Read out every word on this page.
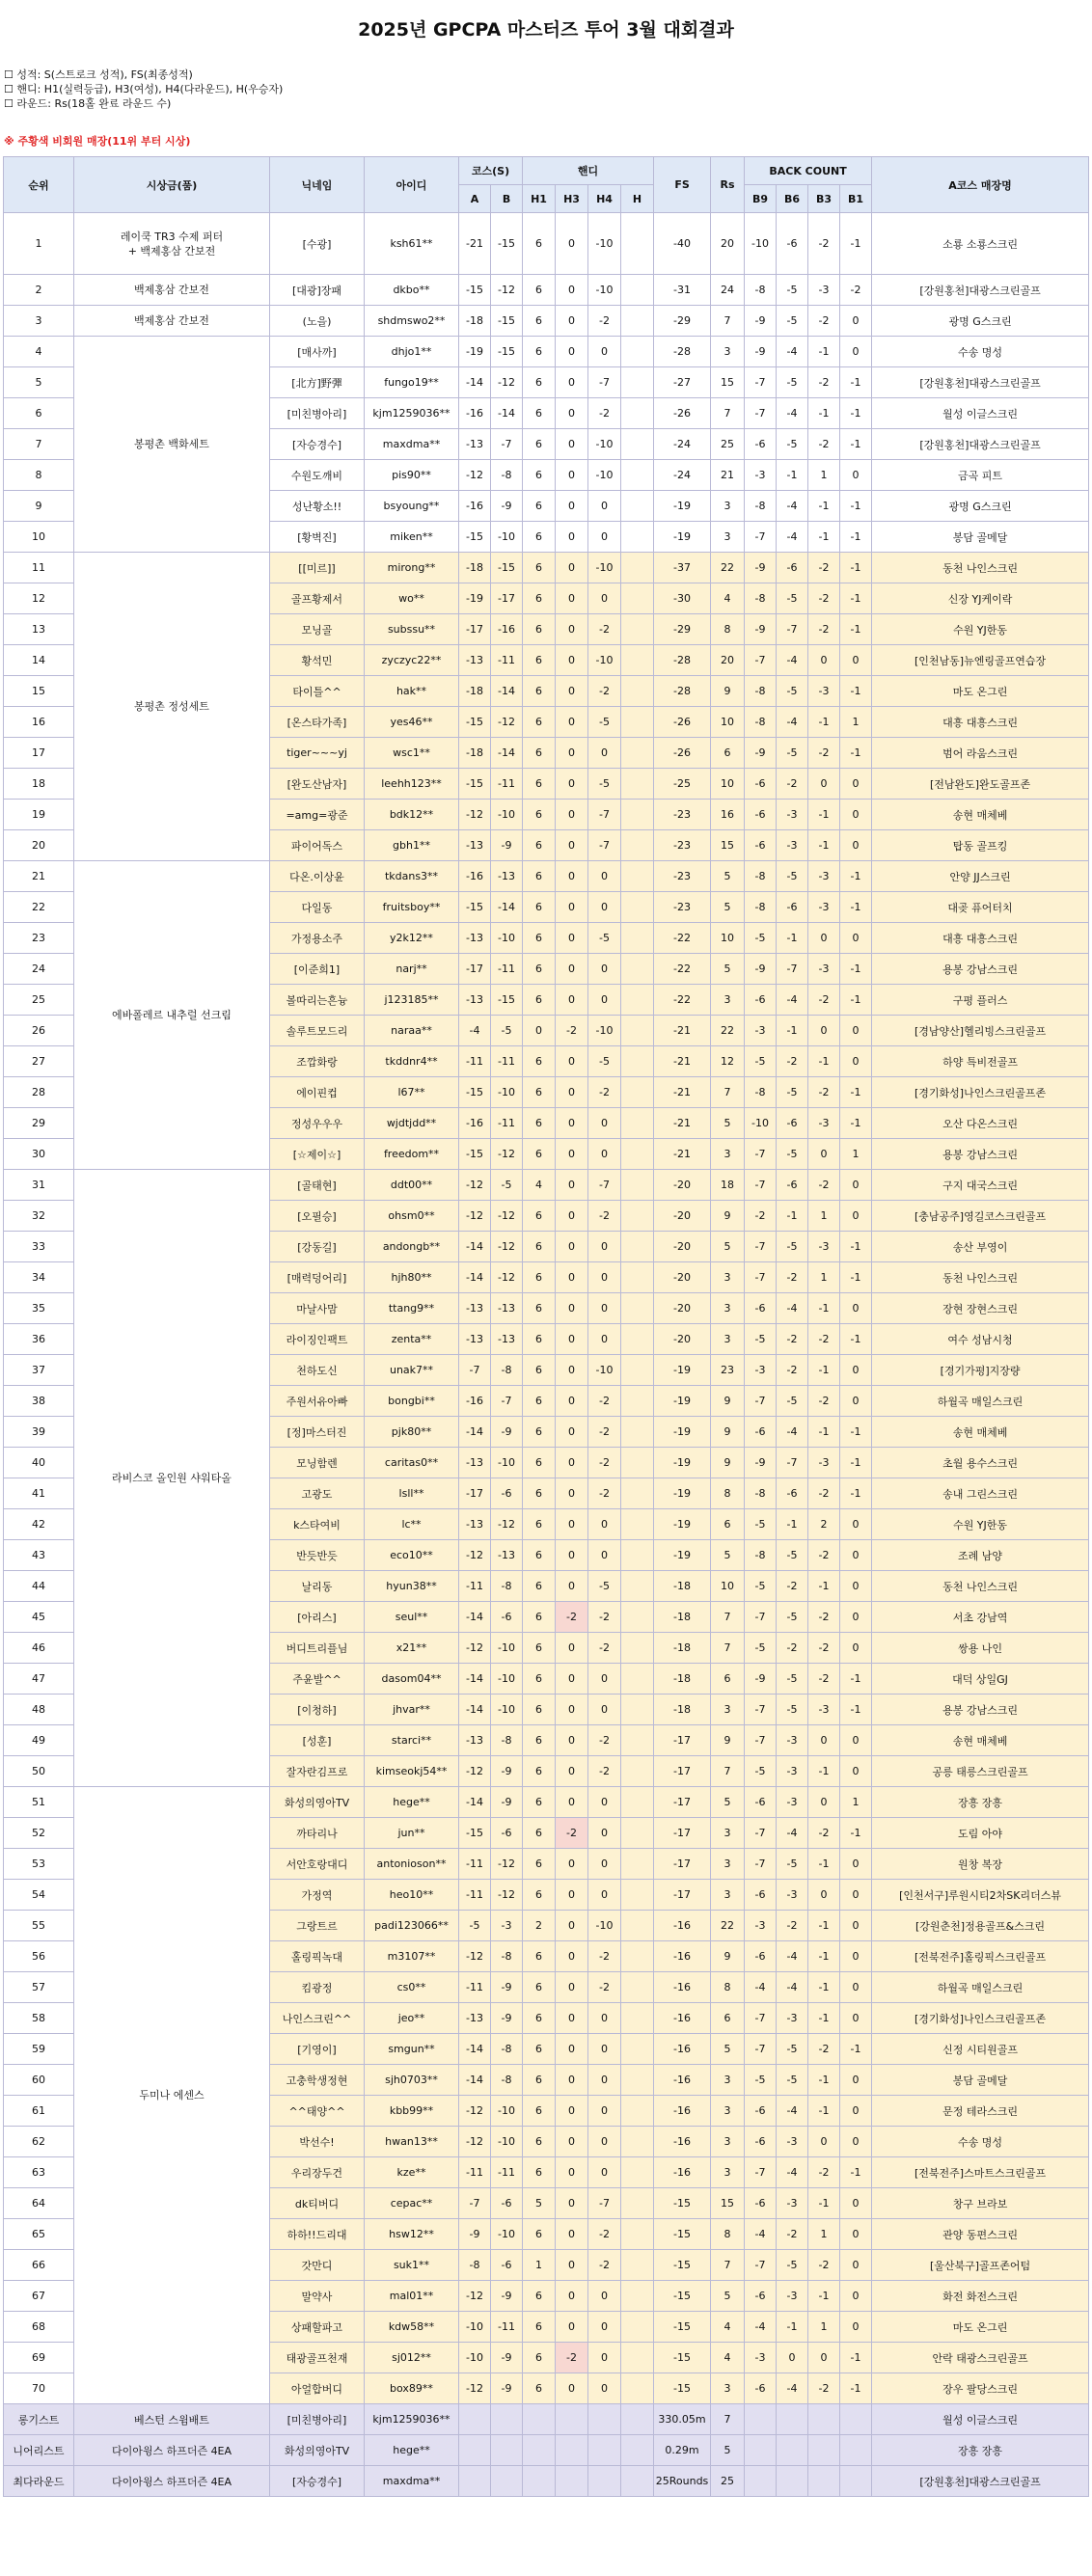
2025년 GPCPA 마스터즈 투어 3월 대회결과
☐ 성적: S(스트로크 성적), FS(최종성적)
☐ 핸디: H1(실력등급), H3(여성), H4(다라운드), H(우승자)
☐ 라운드: Rs(18홀 완료 라운드 수)
※ 주황색 비회원 매장(11위 부터 시상)
순위	시상금(품)	닉네임	아이디	코스(S)		핸디				FS	Rs	BACK COUNT				A코스 매장명
				A	B	H1	H3	H4	H			B9	B6	B3	B1	
1	레이쿡 TR3 수제 퍼터
+ 백제홍삼 간보전	[수광]	ksh61**	-21	-15	6	0	-10		-40	20	-10	-6	-2	-1	소룡 소룡스크린
2	백제홍삼 간보전	[대광]장패	dkbo**	-15	-12	6	0	-10		-31	24	-8	-5	-3	-2	[강원홍천]대광스크린골프
3	백제홍삼 간보전	(노을)	shdmswo2**	-18	-15	6	0	-2		-29	7	-9	-5	-2	0	광명 G스크린
4	봉평촌 백화세트	[매사까]	dhjo1**	-19	-15	6	0	0		-28	3	-9	-4	-1	0	수송 명성
5		[北方]野彈	fungo19**	-14	-12	6	0	-7		-27	15	-7	-5	-2	-1	[강원홍천]대광스크린골프
6		[미친병아리]	kjm1259036**	-16	-14	6	0	-2		-26	7	-7	-4	-1	-1	월성 이글스크린
7		[자승경수]	maxdma**	-13	-7	6	0	-10		-24	25	-6	-5	-2	-1	[강원홍천]대광스크린골프
8		수원도깨비	pis90**	-12	-8	6	0	-10		-24	21	-3	-1	1	0	금곡 피트
9		성난황소!!	bsyoung**	-16	-9	6	0	0		-19	3	-8	-4	-1	-1	광명 G스크린
10		[황벽진]	miken**	-15	-10	6	0	0		-19	3	-7	-4	-1	-1	봉담 골메달
11	봉평촌 정성세트	[[미르]]	mirong**	-18	-15	6	0	-10		-37	22	-9	-6	-2	-1	동천 나인스크린
12		골프황제서	wo**	-19	-17	6	0	0		-30	4	-8	-5	-2	-1	신장 YJ케이락
13		모닝골	subssu**	-17	-16	6	0	-2		-29	8	-9	-7	-2	-1	수원 YJ한동
14		황석민	zyczyc22**	-13	-11	6	0	-10		-28	20	-7	-4	0	0	[인천남동]뉴엔링골프연습장
15		타이틀^^	hak**	-18	-14	6	0	-2		-28	9	-8	-5	-3	-1	마도 온그린
16		[온스타가족]	yes46**	-15	-12	6	0	-5		-26	10	-8	-4	-1	1	대흥 대흥스크린
17		tiger~~~yj	wsc1**	-18	-14	6	0	0		-26	6	-9	-5	-2	-1	범어 라움스크린
18		[완도산남자]	leehh123**	-15	-11	6	0	-5		-25	10	-6	-2	0	0	[전남완도]완도골프존
19		=amg=광준	bdk12**	-12	-10	6	0	-7		-23	16	-6	-3	-1	0	송현 매체베
20		파이어독스	gbh1**	-13	-9	6	0	-7		-23	15	-6	-3	-1	0	탑동 골프킹
21	에바폴레르 내추럴 선크림	다온.이상윤	tkdans3**	-16	-13	6	0	0		-23	5	-8	-5	-3	-1	안양 JJ스크린
22		다일동	fruitsboy**	-15	-14	6	0	0		-23	5	-8	-6	-3	-1	대곶 퓨어터치
23		가정용소주	y2k12**	-13	-10	6	0	-5		-22	10	-5	-1	0	0	대흥 대흥스크린
24		[이준희1]	narj**	-17	-11	6	0	0		-22	5	-9	-7	-3	-1	용봉 강남스크린
25		볼따리는흔늉	j123185**	-13	-15	6	0	0		-22	3	-6	-4	-2	-1	구평 플러스
26		솔루트모드리	naraa**	-4	-5	0	-2	-10		-21	22	-3	-1	0	0	[경남양산]헬리빙스크린골프
27		조깝화랑	tkddnr4**	-11	-11	6	0	-5		-21	12	-5	-2	-1	0	하양 특비전골프
28		에이핀컵	l67**	-15	-10	6	0	-2		-21	7	-8	-5	-2	-1	[경기화성]나인스크린골프존
29		정성우우우	wjdtjdd**	-16	-11	6	0	0		-21	5	-10	-6	-3	-1	오산 다온스크린
30		[☆제이☆]	freedom**	-15	-12	6	0	0		-21	3	-7	-5	0	1	용봉 강남스크린
31	라비스코 올인원 샤워타올	[골태현]	ddt00**	-12	-5	4	0	-7		-20	18	-7	-6	-2	0	구지 대국스크린
32		[오필승]	ohsm0**	-12	-12	6	0	-2		-20	9	-2	-1	1	0	[충남공주]영길코스크린골프
33		[강동길]	andongb**	-14	-12	6	0	0		-20	5	-7	-5	-3	-1	송산 부영이
34		[매력덩어리]	hjh80**	-14	-12	6	0	0		-20	3	-7	-2	1	-1	동천 나인스크린
35		마날사맘	ttang9**	-13	-13	6	0	0		-20	3	-6	-4	-1	0	장현 장현스크린
36		라이징인팩트	zenta**	-13	-13	6	0	0		-20	3	-5	-2	-2	-1	여수 성남시청
37		천하도신	unak7**	-7	-8	6	0	-10		-19	23	-3	-2	-1	0	[경기가평]지장량
38		주원서유아빠	bongbi**	-16	-7	6	0	-2		-19	9	-7	-5	-2	0	하월곡 매일스크린
39		[정]마스터진	pjk80**	-14	-9	6	0	-2		-19	9	-6	-4	-1	-1	송현 매체베
40		모닝함렌	caritas0**	-13	-10	6	0	-2		-19	9	-9	-7	-3	-1	초월 용수스크린
41		고광도	lsll**	-17	-6	6	0	-2		-19	8	-8	-6	-2	-1	송내 그린스크린
42		k스타여비	lc**	-13	-12	6	0	0		-19	6	-5	-1	2	0	수원 YJ한동
43		반듯반듯	eco10**	-12	-13	6	0	0		-19	5	-8	-5	-2	0	조례 남양
44		날리동	hyun38**	-11	-8	6	0	-5		-18	10	-5	-2	-1	0	동천 나인스크린
45		[아리스]	seul**	-14	-6	6	-2	-2		-18	7	-7	-5	-2	0	서초 강남역
46		버디트리플님	x21**	-12	-10	6	0	-2		-18	7	-5	-2	-2	0	쌍용 나인
47		주윤발^^	dasom04**	-14	-10	6	0	0		-18	6	-9	-5	-2	-1	대덕 상일GJ
48		[이청하]	jhvar**	-14	-10	6	0	0		-18	3	-7	-5	-3	-1	용봉 강남스크린
49		[성훈]	starci**	-13	-8	6	0	-2		-17	9	-7	-3	0	0	송현 매체베
50		잘자란김프로	kimseokj54**	-12	-9	6	0	-2		-17	7	-5	-3	-1	0	공릉 태릉스크린골프
51	두미나 에센스	화성의영아TV	hege**	-14	-9	6	0	0		-17	5	-6	-3	0	1	장흥 장흥
52		까타리나	jun**	-15	-6	6	-2	0		-17	3	-7	-4	-2	-1	도림 아야
53		서안호랑대디	antonioson**	-11	-12	6	0	0		-17	3	-7	-5	-1	0	원창 복장
54		가정역	heo10**	-11	-12	6	0	0		-17	3	-6	-3	0	0	[인천서구]루원시티2차SK리더스뷰
55		그랑트르	padi123066**	-5	-3	2	0	-10		-16	22	-3	-2	-1	0	[강원춘천]정용골프&스크린
56		홀링픽녹대	m3107**	-12	-8	6	0	-2		-16	9	-6	-4	-1	0	[전북전주]홀링픽스크린골프
57		킴광정	cs0**	-11	-9	6	0	-2		-16	8	-4	-4	-1	0	하월곡 매일스크린
58		나인스크린^^	jeo**	-13	-9	6	0	0		-16	6	-7	-3	-1	0	[경기화성]나인스크린골프존
59		[기영이]	smgun**	-14	-8	6	0	0		-16	5	-7	-5	-2	-1	신정 시티원골프
60		고충학생정현	sjh0703**	-14	-8	6	0	0		-16	3	-5	-5	-1	0	봉담 골메달
61		^^태양^^	kbb99**	-12	-10	6	0	0		-16	3	-6	-4	-1	0	문정 테라스크린
62		박선수!	hwan13**	-12	-10	6	0	0		-16	3	-6	-3	0	0	수송 명성
63		우리장두건	kze**	-11	-11	6	0	0		-16	3	-7	-4	-2	-1	[전북전주]스마트스크린골프
64		dk티버디	cepac**	-7	-6	5	0	-7		-15	15	-6	-3	-1	0	창구 브라보
65		하하!!드리대	hsw12**	-9	-10	6	0	-2		-15	8	-4	-2	1	0	관양 동편스크린
66		갓만디	suk1**	-8	-6	1	0	-2		-15	7	-7	-5	-2	0	[울산북구]골프존어텀
67		말약사	mal01**	-12	-9	6	0	0		-15	5	-6	-3	-1	0	화전 화전스크린
68		상패할파고	kdw58**	-10	-11	6	0	0		-15	4	-4	-1	1	0	마도 온그린
69		태광골프천재	sj012**	-10	-9	6	-2	0		-15	4	-3	0	0	-1	안락 태광스크린골프
70		아얼합버디	box89**	-12	-9	6	0	0		-15	3	-6	-4	-2	-1	장우 팔당스크린
롱기스트	베스턴 스윔배트	[미친병아리]	kjm1259036**							330.05m	7					월성 이글스크린
니어리스트	다이아윙스 하프더즌 4EA	화성의영아TV	hege**							0.29m	5					장흥 장흥
최다라운드	다이아윙스 하프더즌 4EA	[자승경수]	maxdma**							25Rounds	25					[강원홍천]대광스크린골프
